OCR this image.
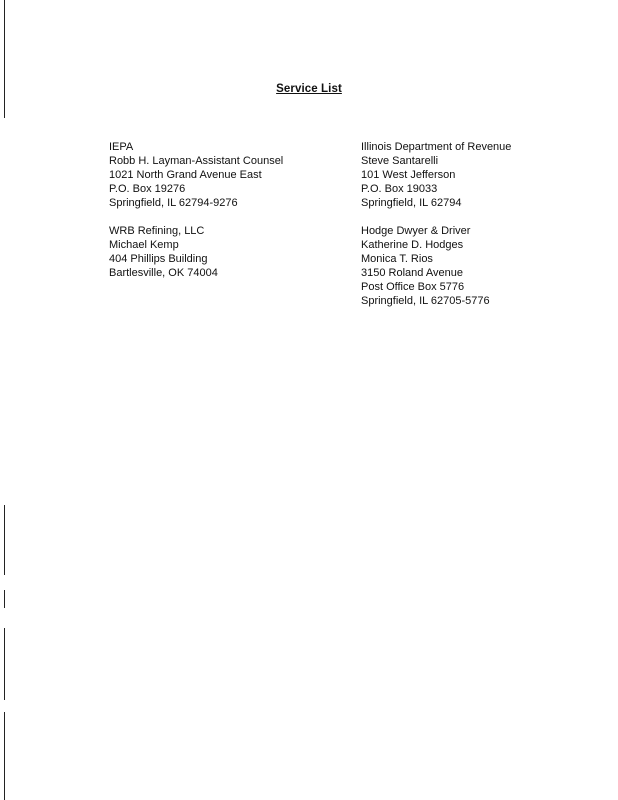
Service List
IEPA
Robb H. Layman-Assistant Counsel
1021 North Grand Avenue East
P.O. Box 19276
Springfield, IL 62794-9276
WRB Refining, LLC
Michael Kemp
404 Phillips Building
Bartlesville, OK 74004
Illinois Department of Revenue
Steve Santarelli
101 West Jefferson
P.O. Box 19033
Springfield, IL 62794
Hodge Dwyer & Driver
Katherine D. Hodges
Monica T. Rios
3150 Roland Avenue
Post Office Box 5776
Springfield, IL 62705-5776
